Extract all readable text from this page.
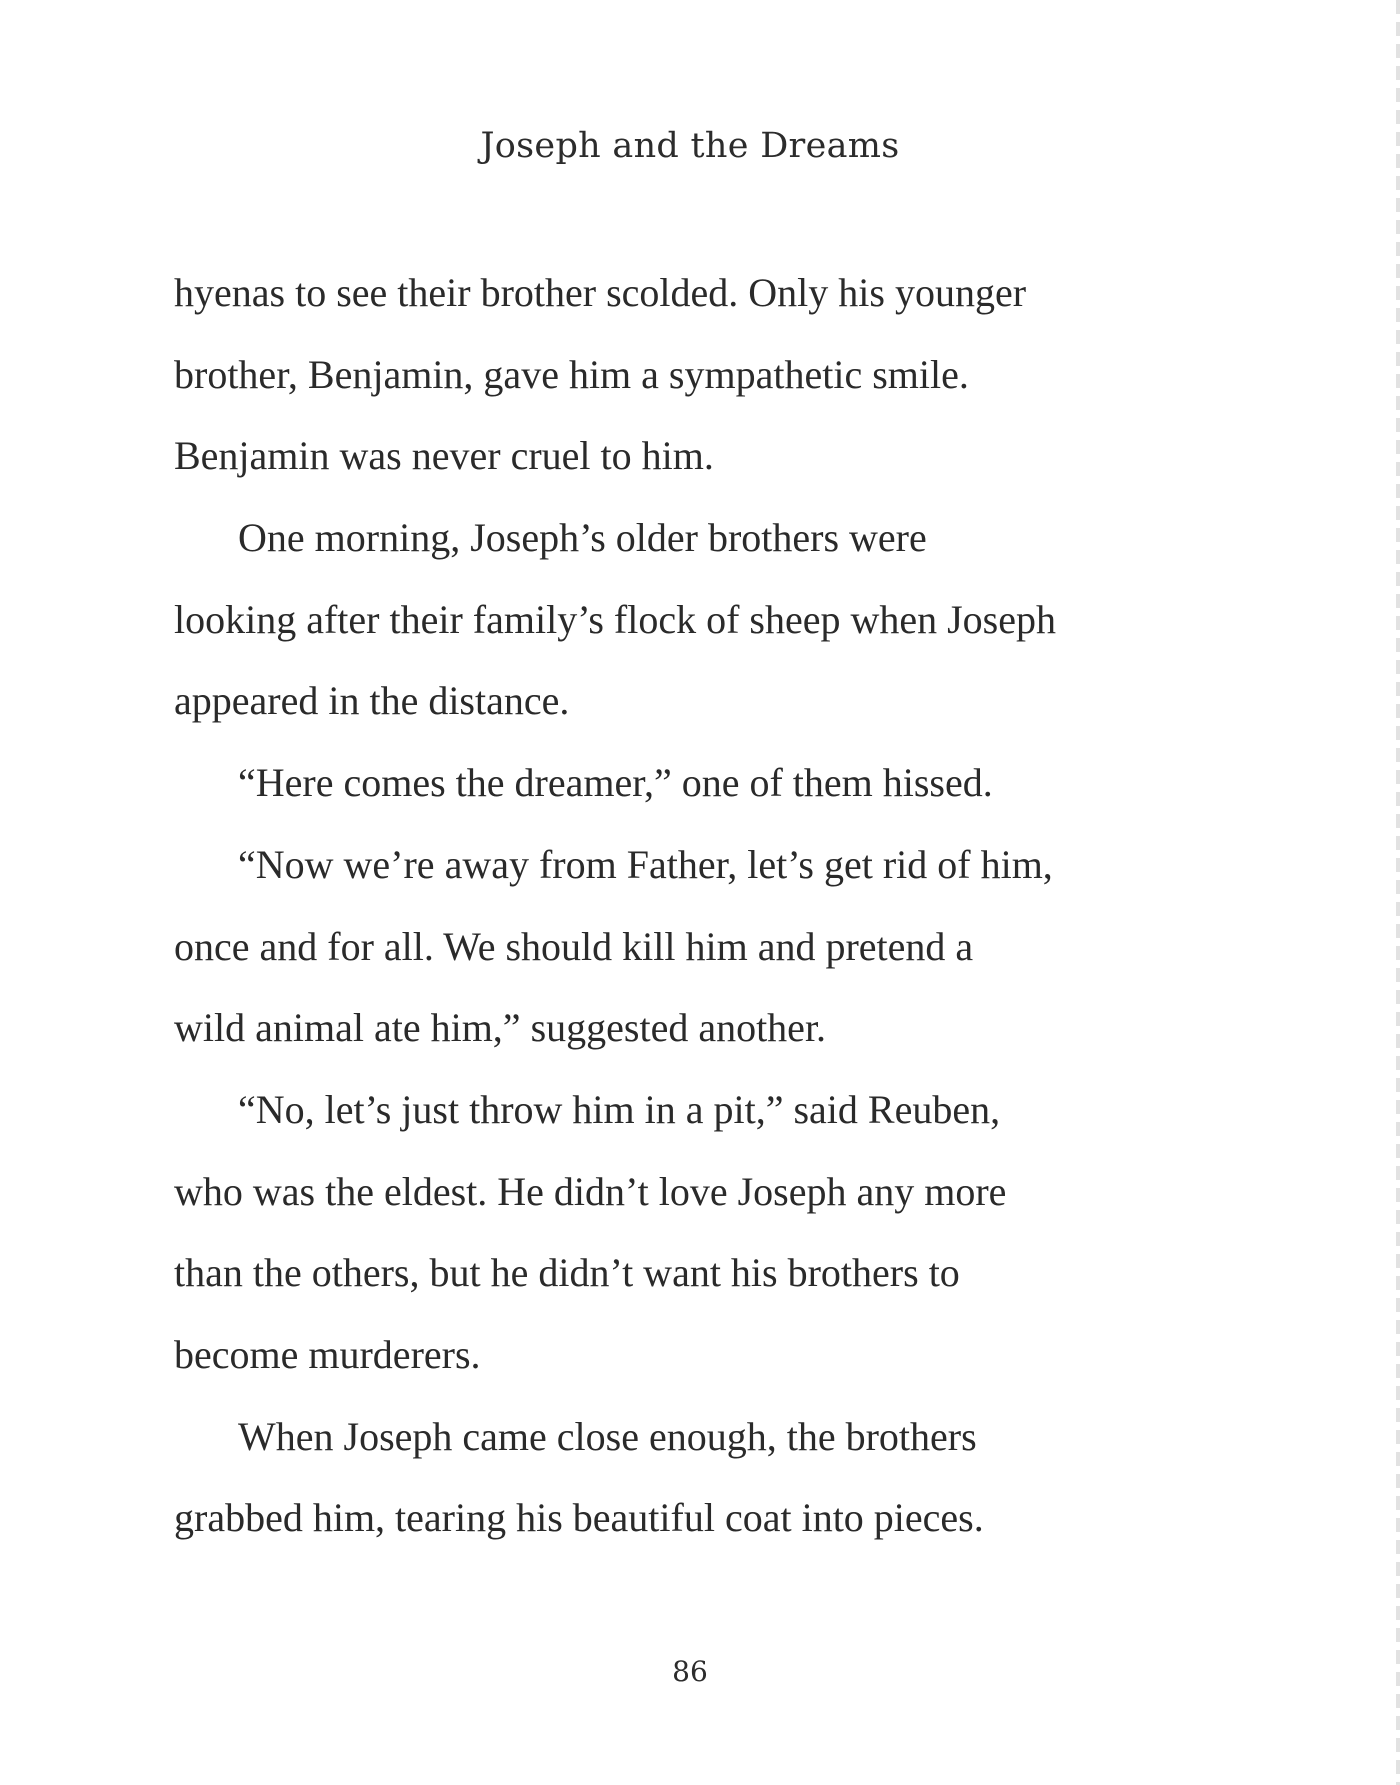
Joseph and the Dreams
hyenas to see their brother scolded. Only his younger
brother, Benjamin, gave him a sympathetic smile.
Benjamin was never cruel to him.
One morning, Joseph’s older brothers were
looking after their family’s flock of sheep when Joseph
appeared in the distance.
“Here comes the dreamer,” one of them hissed.
“Now we’re away from Father, let’s get rid of him,
once and for all. We should kill him and pretend a
wild animal ate him,” suggested another.
“No, let’s just throw him in a pit,” said Reuben,
who was the eldest. He didn’t love Joseph any more
than the others, but he didn’t want his brothers to
become murderers.
When Joseph came close enough, the brothers
grabbed him, tearing his beautiful coat into pieces.
86
